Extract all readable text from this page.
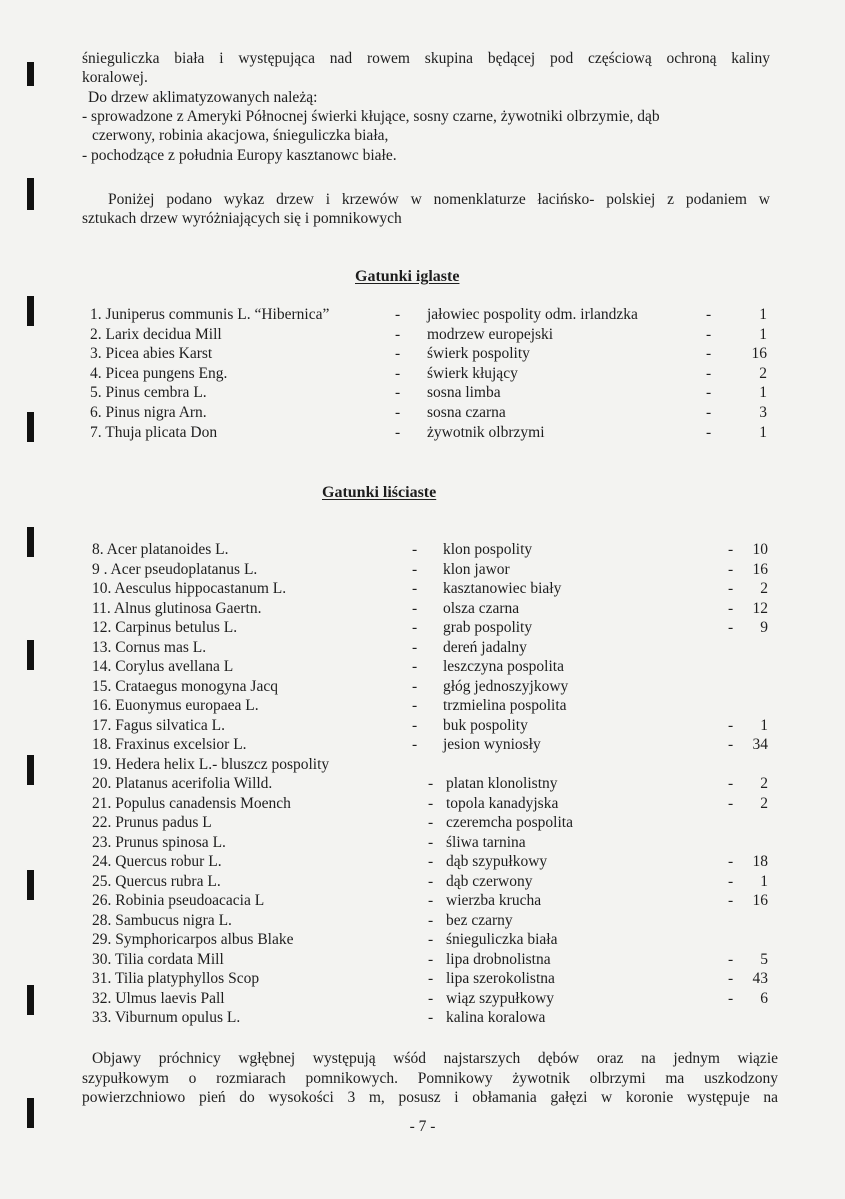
śnieguliczka biała i występująca nad rowem skupina będącej pod częściową ochroną kaliny

koralowej.

Do drzew aklimatyzowanych należą:

- sprowadzone z Ameryki Północnej świerki kłujące, sosny czarne, żywotniki olbrzymie, dąb

czerwony, robinia akacjowa, śnieguliczka biała,

- pochodzące z południa Europy kasztanowc białe.

Poniżej podano wykaz drzew i krzewów w nomenklaturze łacińsko- polskiej z podaniem w

sztukach drzew wyróżniających się i pomnikowych

Gatunki iglaste
1. Juniperus communis L. “Hibernica”	- jałowiec pospolity odm. irlandzka	-	1
2. Larix decidua Mill	- modrzew europejski	-	1
3. Picea abies Karst	- świerk pospolity	-	16
4. Picea pungens Eng.	- świerk kłujący	-	2
5. Pinus cembra L.	- sosna limba	-	1
6. Pinus nigra Arn.	- sosna czarna	-	3
7. Thuja plicata Don	- żywotnik olbrzymi	-	1
Gatunki liściaste
8. Acer platanoides L.	- klon pospolity	-	10
9 . Acer pseudoplatanus L.	- klon jawor	-	16
10. Aesculus hippocastanum L.	- kasztanowiec biały	-	2
11. Alnus glutinosa Gaertn.	- olsza czarna	-	12
12. Carpinus betulus L.	- grab pospolity	-	9
13. Cornus mas L.	- dereń jadalny
14. Corylus avellana L	- leszczyna pospolita
15. Crataegus monogyna Jacq	- głóg jednoszyjkowy
16. Euonymus europaea L.	- trzmielina pospolita
17. Fagus silvatica L.	- buk pospolity	-	1
18. Fraxinus excelsior L.	- jesion wyniosły	-	34
19. Hedera helix L.- bluszcz pospolity
20. Platanus acerifolia Willd.	- platan klonolistny	-	2
21. Populus canadensis Moench	- topola kanadyjska	-	2
22. Prunus padus L	- czeremcha pospolita
23. Prunus spinosa L.	- śliwa tarnina
24. Quercus robur L.	- dąb szypułkowy	-	18
25. Quercus rubra L.	- dąb czerwony	-	1
26. Robinia pseudoacacia L	- wierzba krucha	-	16
28. Sambucus nigra L.	- bez czarny
29. Symphoricarpos albus Blake	- śnieguliczka biała
30. Tilia cordata Mill	- lipa drobnolistna	-	5
31. Tilia platyphyllos Scop	- lipa szerokolistna	-	43
32. Ulmus laevis Pall	- wiąz szypułkowy	-	6
33. Viburnum opulus L.	- kalina koralowa

Objawy próchnicy wgłębnej występują wśód najstarszych dębów oraz na jednym wiązie

szypułkowym o rozmiarach pomnikowych. Pomnikowy żywotnik olbrzymi ma uszkodzony

powierzchniowo pień do wysokości 3 m, posusz i obłamania gałęzi w koronie występuje na

- 7 -
